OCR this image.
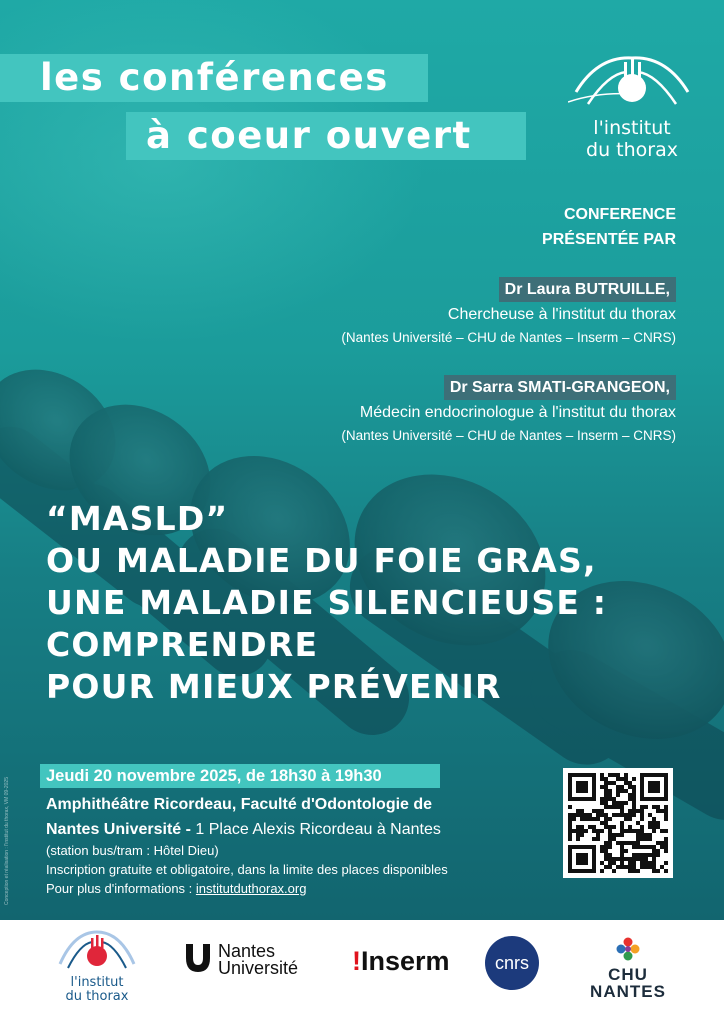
les conférences
à coeur ouvert	l'institut
du thorax
CONFERENCE
PRÉSENTÉE PAR
Dr Laura BUTRUILLE,
Chercheuse à l'institut du thorax
(Nantes Université – CHU de Nantes – Inserm – CNRS)
Dr Sarra SMATI-GRANGEON,
Médecin endocrinologue à l'institut du thorax
(Nantes Université – CHU de Nantes – Inserm – CNRS)
“MASLD”
OU MALADIE DU FOIE GRAS,
UNE MALADIE SILENCIEUSE :
COMPRENDRE
POUR MIEUX PRÉVENIR
Jeudi 20 novembre 2025, de 18h30 à 19h30
Amphithéâtre Ricordeau, Faculté d'Odontologie de
Nantes Université - 1 Place Alexis Ricordeau à Nantes
(station bus/tram : Hôtel Dieu)
Inscription gratuite et obligatoire, dans la limite des places disponibles
Pour plus d'informations : institutduthorax.org
Conception et réalisation : l'institut du thorax, VM 09-2025
l'institut
du thorax
Nantes
Université !Inserm	cnrs
CHU
NANTES
